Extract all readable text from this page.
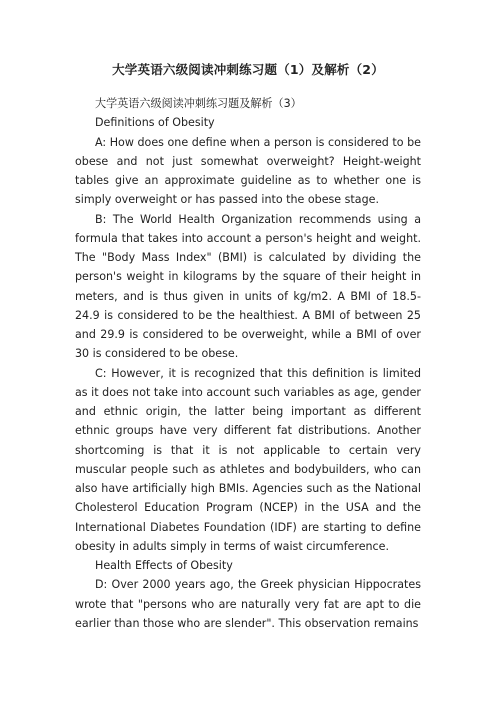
大学英语六级阅读冲刺练习题（1）及解析（2）

大学英语六级阅读冲刺练习题及解析（3）

Definitions of Obesity

A: How does one define when a person is considered to be obese and not just somewhat overweight? Height-weight tables give an approximate guideline as to whether one is simply overweight or has passed into the obese stage.

B: The World Health Organization recommends using a formula that takes into account a person's height and weight. The "Body Mass Index" (BMI) is calculated by dividing the person's weight in kilograms by the square of their height in meters, and is thus given in units of kg/m2. A BMI of 18.5-24.9 is considered to be the healthiest. A BMI of between 25 and 29.9 is considered to be overweight, while a BMI of over 30 is considered to be obese.

C: However, it is recognized that this definition is limited as it does not take into account such variables as age, gender and ethnic origin, the latter being important as different ethnic groups have very different fat distributions. Another shortcoming is that it is not applicable to certain very muscular people such as athletes and bodybuilders, who can also have artificially high BMIs. Agencies such as the National Cholesterol Education Program (NCEP) in the USA and the International Diabetes Foundation (IDF) are starting to define obesity in adults simply in terms of waist circumference.

Health Effects of Obesity

D: Over 2000 years ago, the Greek physician Hippocrates wrote that "persons who are naturally very fat are apt to die earlier than those who are slender". This observation remains
